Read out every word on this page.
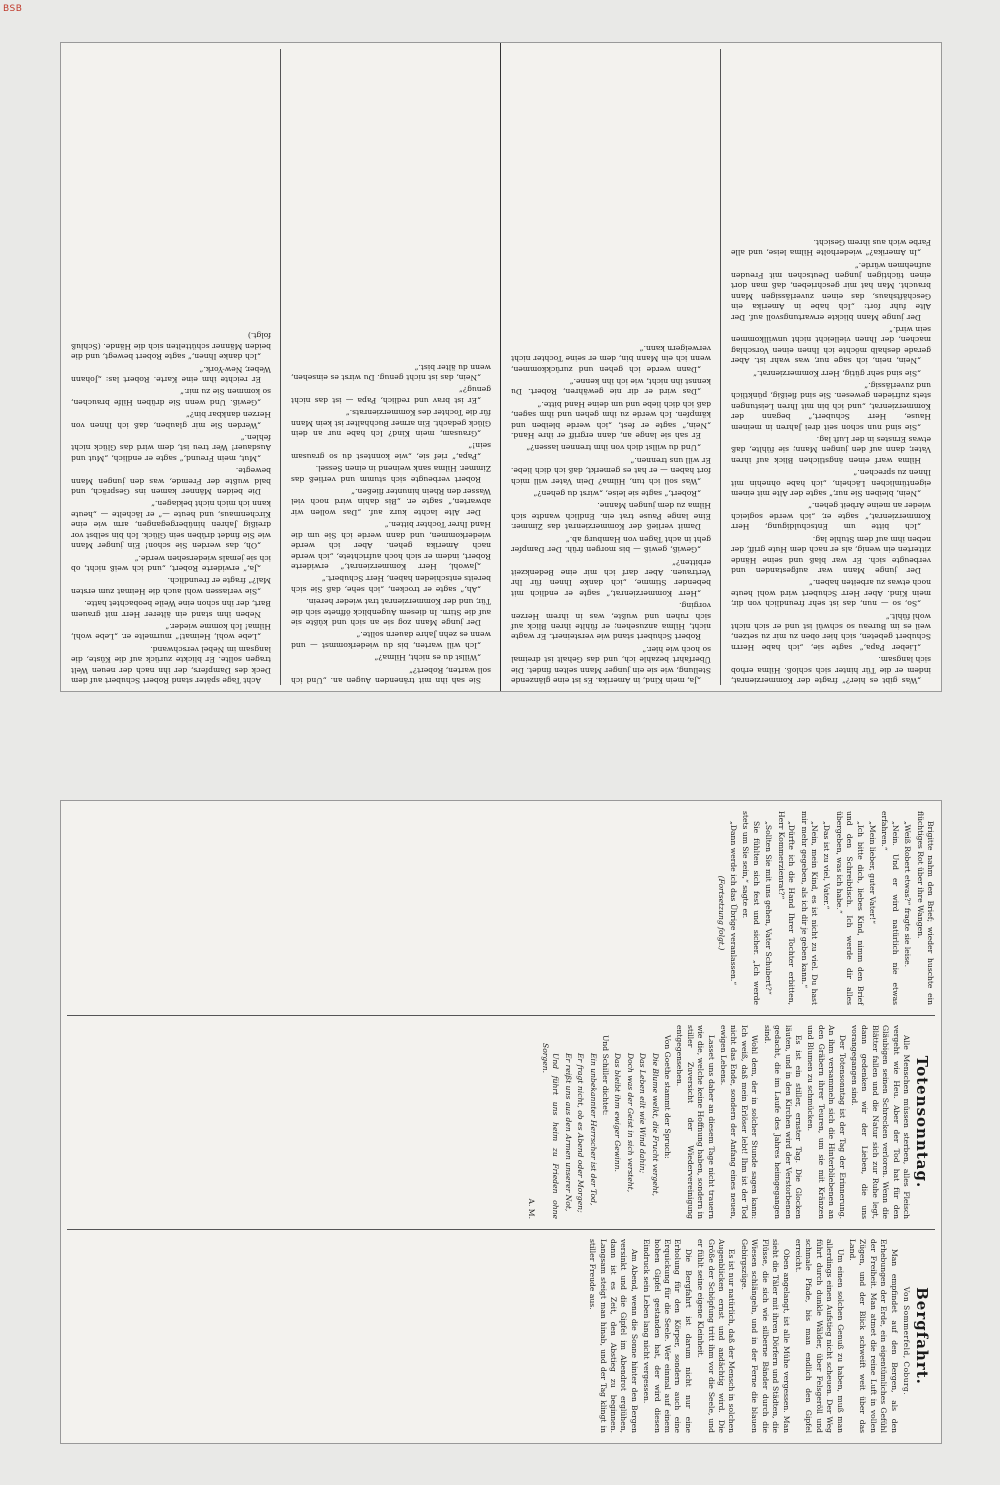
BSB

„Was gibt es hier?“ fragte der Kommerzienrat, indem er die Tür hinter sich schloß. Hilma erhob sich langsam.

„Lieber Papa,“ sagte sie, „ich habe Herrn Schubert gebeten, sich hier oben zu mir zu setzen, weil es im Bureau so schwül ist und er sich nicht wohl fühlt.“

„So, so — nun, das ist sehr freundlich von dir, mein Kind. Aber Herr Schubert wird wohl heute noch etwas zu arbeiten haben.“

Der junge Mann war aufgestanden und verbeugte sich. Er war blaß und seine Hände zitterten ein wenig, als er nach dem Hute griff, der neben ihm auf dem Stuhle lag.

„Ich bitte um Entschuldigung, Herr Kommerzienrat,“ sagte er, „ich werde sogleich wieder an meine Arbeit gehen.“

„Nein, bleiben Sie nur,“ sagte der Alte mit einem eigentümlichen Lächeln, „ich habe ohnehin mit Ihnen zu sprechen.“

Hilma warf einen ängstlichen Blick auf ihren Vater, dann auf den jungen Mann; sie fühlte, daß etwas Ernstes in der Luft lag.

„Sie sind nun schon seit drei Jahren in meinem Hause, Herr Schubert,“ begann der Kommerzienrat, „und ich bin mit Ihren Leistungen stets zufrieden gewesen. Sie sind fleißig, pünktlich und zuverlässig.“

„Sie sind sehr gütig, Herr Kommerzienrat.“

„Nein, nein, ich sage nur, was wahr ist. Aber gerade deshalb möchte ich Ihnen einen Vorschlag machen, der Ihnen vielleicht nicht unwillkommen sein wird.“

Der junge Mann blickte erwartungsvoll auf. Der Alte fuhr fort: „Ich habe in Amerika ein Geschäftshaus, das einen zuverlässigen Mann braucht. Man hat mir geschrieben, daß man dort einen tüchtigen jungen Deutschen mit Freuden aufnehmen würde.“

„In Amerika?“ wiederholte Hilma leise, und alle Farbe wich aus ihrem Gesicht.

„Ja, mein Kind, in Amerika. Es ist eine glänzende Stellung, wie sie ein junger Mann selten findet. Die Überfahrt bezahle ich, und das Gehalt ist dreimal so hoch wie hier.“

Robert Schubert stand wie versteinert. Er wagte nicht, Hilma anzusehen; er fühlte ihren Blick auf sich ruhen und wußte, was in ihrem Herzen vorging.

„Herr Kommerzienrat,“ sagte er endlich mit bebender Stimme, „ich danke Ihnen für Ihr Vertrauen. Aber darf ich mir eine Bedenkzeit erbitten?“

„Gewiß, gewiß — bis morgen früh. Der Dampfer geht in acht Tagen von Hamburg ab.“

Damit verließ der Kommerzienrat das Zimmer. Eine lange Pause trat ein. Endlich wandte sich Hilma zu dem jungen Manne.

„Robert,“ sagte sie leise, „wirst du gehen?“

„Was soll ich tun, Hilma? Dein Vater will mich fort haben — er hat es gemerkt, daß ich dich liebe. Er will uns trennen.“

„Und du willst dich von ihm trennen lassen?“

Er sah sie lange an, dann ergriff er ihre Hand. „Nein,“ sagte er fest, „ich werde bleiben und kämpfen. Ich werde zu ihm gehen und ihm sagen, daß ich dich liebe und um deine Hand bitte.“

„Das wird er dir nie gewähren, Robert. Du kennst ihn nicht, wie ich ihn kenne.“

„Dann werde ich gehen und zurückkommen, wenn ich ein Mann bin, dem er seine Tochter nicht verweigern kann.“

Sie sah ihn mit tränenden Augen an. „Und ich soll warten, Robert?“

„Willst du es nicht, Hilma?“

„Ich will warten, bis du wiederkommst — und wenn es zehn Jahre dauern sollte.“

Der junge Mann zog sie an sich und küßte sie auf die Stirn. In diesem Augenblick öffnete sich die Tür, und der Kommerzienrat trat wieder herein.

„Ah,“ sagte er trocken, „ich sehe, daß Sie sich bereits entschieden haben, Herr Schubert.“

„Jawohl, Herr Kommerzienrat,“ erwiderte Robert, indem er sich hoch aufrichtete, „ich werde nach Amerika gehen. Aber ich werde wiederkommen, und dann werde ich Sie um die Hand Ihrer Tochter bitten.“

Der Alte lachte kurz auf. „Das wollen wir abwarten,“ sagte er. „Bis dahin wird noch viel Wasser den Rhein hinunter fließen.“

Robert verbeugte sich stumm und verließ das Zimmer. Hilma sank weinend in einen Sessel.

„Papa,“ rief sie, „wie konntest du so grausam sein!“

„Grausam, mein Kind? Ich habe nur an dein Glück gedacht. Ein armer Buchhalter ist kein Mann für die Tochter des Kommerzienrats.“

„Er ist brav und redlich, Papa — ist das nicht genug?“

„Nein, das ist nicht genug. Du wirst es einsehen, wenn du älter bist.“

Acht Tage später stand Robert Schubert auf dem Deck des Dampfers, der ihn nach der neuen Welt tragen sollte. Er blickte zurück auf die Küste, die langsam im Nebel verschwand.

„Lebe wohl, Heimat!“ murmelte er. „Lebe wohl, Hilma! Ich komme wieder.“

Neben ihm stand ein älterer Herr mit grauem Bart, der ihn schon eine Weile beobachtet hatte.

„Sie verlassen wohl auch die Heimat zum ersten Mal?“ fragte er freundlich.

„Ja,“ erwiderte Robert, „und ich weiß nicht, ob ich sie jemals wiedersehen werde.“

„Oh, das werden Sie schon! Ein junger Mann wie Sie findet drüben sein Glück. Ich bin selbst vor dreißig Jahren hinübergegangen, arm wie eine Kirchenmaus, und heute —“ er lächelte — „heute kann ich mich nicht beklagen.“

Die beiden Männer kamen ins Gespräch, und bald wußte der Fremde, was den jungen Mann bewegte.

„Mut, mein Freund,“ sagte er endlich, „Mut und Ausdauer! Wer treu ist, dem wird das Glück nicht fehlen.“

„Werden Sie mir glauben, daß ich Ihnen von Herzen dankbar bin?“

„Gewiß. Und wenn Sie drüben Hilfe brauchen, so kommen Sie zu mir.“

Er reichte ihm eine Karte. Robert las: „Johann Weber, New-York.“

„Ich danke Ihnen,“ sagte Robert bewegt, und die beiden Männer schüttelten sich die Hände. (Schluß folgt.)

Brigitte nahm den Brief; wieder huschte ein flüchtiges Rot über ihre Wangen.

„Weiß Robert etwas?“ fragte sie leise.

„Nein. Und er wird natürlich nie etwas erfahren.“

„Mein lieber, guter Vater!“

„Ich bitte dich, liebes Kind, nimm den Brief und den Schreibtisch. Ich werde dir alles übergeben, was ich habe.“

„Das ist zu viel, Vater.“

„Nein, mein Kind, es ist nicht zu viel. Du hast mir mehr gegeben, als ich dir je geben kann.“

„Dürfte ich die Hand Ihrer Tochter erbitten, Herr Kommerzienrat?“

„Sollten Sie mit uns gehen, Vater Schubert?“

Sie fühlten sich fest und sicher. „Ich werde stets um Sie sein,“ sagte er.

„Dann werde ich das Übrige veranlassen.“

(Fortsetzung folgt.)

Totensonntag.

Alle Menschen müssen sterben, alles Fleisch vergeht wie Heu. Aber der Tod hat für den Gläubigen seinen Schrecken verloren. Wenn die Blätter fallen und die Natur sich zur Ruhe legt, dann gedenken wir der Lieben, die uns vorangegangen sind.

Der Totensonntag ist der Tag der Erinnerung. An ihm versammeln sich die Hinterbliebenen an den Gräbern ihrer Teuren, um sie mit Kränzen und Blumen zu schmücken.

Es ist ein stiller, ernster Tag. Die Glocken läuten, und in den Kirchen wird der Verstorbenen gedacht, die im Laufe des Jahres heimgegangen sind.

Wohl dem, der in solcher Stunde sagen kann: Ich weiß, daß mein Erlöser lebt! Ihm ist der Tod nicht das Ende, sondern der Anfang eines neuen, ewigen Lebens.

Lasset uns daher an diesem Tage nicht trauern wie die, welche keine Hoffnung haben, sondern in stiller Zuversicht der Wiedervereinigung entgegensehen.

Von Goethe stammt der Spruch:

Die Blume welkt, die Frucht vergeht,

Das Leben eilt wie Wind dahin;

Doch was der Geist in sich versteht,

Das bleibt ihm ewiger Gewinn.

Und Schiller dichtet:

Ein unbekannter Herrscher ist der Tod,

Er fragt nicht, ob es Abend oder Morgen;

Er reißt uns aus den Armen unserer Not,

Und führt uns heim zu Frieden ohne Sorgen.

A. M.

Bergfahrt.

Von Sommerfeld, Coburg.

Man empfindet auf den Bergen, als den Erhebungen der Erde, ein eigentümliches Gefühl der Freiheit. Man atmet die reine Luft in vollen Zügen, und der Blick schweift weit über das Land.

Um einen solchen Genuß zu haben, muß man allerdings einen Aufstieg nicht scheuen. Der Weg führt durch dunkle Wälder, über Felsgeröll und schmale Pfade, bis man endlich den Gipfel erreicht.

Oben angelangt, ist alle Mühe vergessen. Man sieht die Täler mit ihren Dörfern und Städten, die Flüsse, die sich wie silberne Bänder durch die Wiesen schlängeln, und in der Ferne die blauen Gebirgszüge.

Es ist nur natürlich, daß der Mensch in solchen Augenblicken ernst und andächtig wird. Die Größe der Schöpfung tritt ihm vor die Seele, und er fühlt seine eigene Kleinheit.

Die Bergfahrt ist darum nicht nur eine Erholung für den Körper, sondern auch eine Erquickung für die Seele. Wer einmal auf einem hohen Gipfel gestanden hat, der wird diesen Eindruck sein Leben lang nicht vergessen.

Am Abend, wenn die Sonne hinter den Bergen versinkt und die Gipfel im Abendrot erglühen, dann ist es Zeit, den Abstieg zu beginnen. Langsam steigt man hinab, und der Tag klingt in stiller Freude aus.
